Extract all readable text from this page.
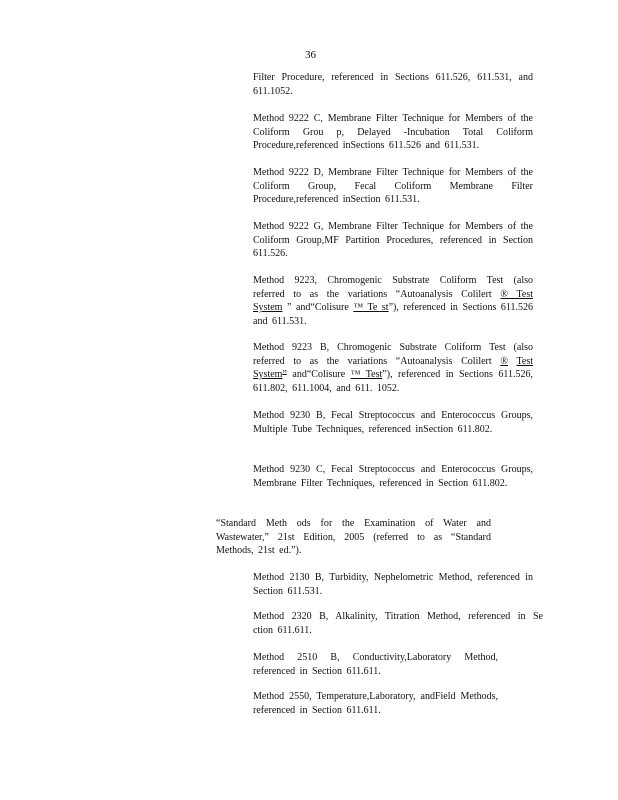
36

Filter Procedure, referenced in Sections 611.526, 611.531, and 611.1052.

Method 9222 C, Membrane Filter Technique for Members of the Coliform Grou p, Delayed -Incubation Total Coliform Procedure,referenced inSections 611.526 and 611.531.

Method 9222 D, Membrane Filter Technique for Members of the Coliform Group, Fecal Coliform Membrane Filter Procedure,referenced inSection 611.531.

Method 9222 G, Membrane Filter Technique for Members of the Coliform Group,MF Partition Procedures, referenced in Section 611.526.

Method 9223, Chromogenic Substrate Coliform Test (also referred to as the variations “Autoanalysis Colilert ® Test System ” and“Colisure ™ Te st”), referenced in Sections 611.526 and 611.531.

Method 9223 B, Chromogenic Substrate Coliform Test (also referred to as the variations “Autoanalysis Colilert ® Test System” and“Colisure ™ Test”), referenced in Sections 611.526, 611.802, 611.1004, and 611. 1052.

Method 9230 B, Fecal Streptococcus and Enterococcus Groups, Multiple Tube Techniques, referenced inSection 611.802.

Method 9230 C, Fecal Streptococcus and Enterococcus Groups, Membrane Filter Techniques, referenced in Section 611.802.

“Standard Meth ods for the Examination of Water and Wastewater,” 21st Edition, 2005 (referred to as “Standard Methods, 21st ed.”).

Method 2130 B, Turbidity, Nephelometric Method, referenced in Section 611.531.

Method 2320 B, Alkalinity, Titration Method, referenced in Se ction 611.611.

Method 2510 B, Conductivity,Laboratory Method, referenced in Section 611.611.

Method 2550, Temperature,Laboratory, andField Methods, referenced in Section 611.611.
